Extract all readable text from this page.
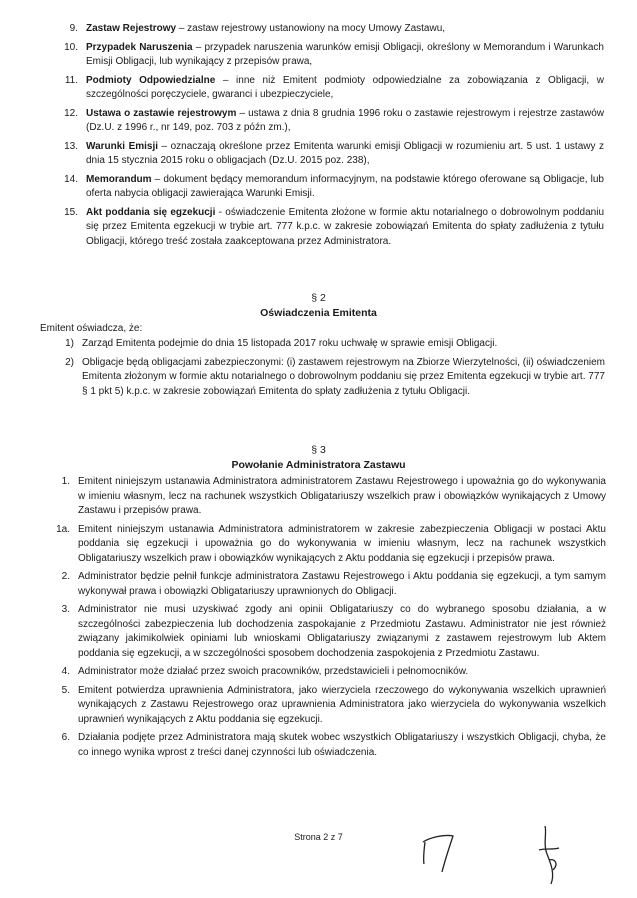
9. Zastaw Rejestrowy – zastaw rejestrowy ustanowiony na mocy Umowy Zastawu,
10. Przypadek Naruszenia – przypadek naruszenia warunków emisji Obligacji, określony w Memorandum i Warunkach Emisji Obligacji, lub wynikający z przepisów prawa,
11. Podmioty Odpowiedzialne – inne niż Emitent podmioty odpowiedzialne za zobowiązania z Obligacji, w szczególności poręczyciele, gwaranci i ubezpieczyciele,
12. Ustawa o zastawie rejestrowym – ustawa z dnia 8 grudnia 1996 roku o zastawie rejestrowym i rejestrze zastawów (Dz.U. z 1996 r., nr 149, poz. 703 z późn zm.),
13. Warunki Emisji – oznaczają określone przez Emitenta warunki emisji Obligacji w rozumieniu art. 5 ust. 1 ustawy z dnia 15 stycznia 2015 roku o obligacjach (Dz.U. 2015 poz. 238),
14. Memorandum – dokument będący memorandum informacyjnym, na podstawie którego oferowane są Obligacje, lub oferta nabycia obligacji zawierająca Warunki Emisji.
15. Akt poddania się egzekucji - oświadczenie Emitenta złożone w formie aktu notarialnego o dobrowolnym poddaniu się przez Emitenta egzekucji w trybie art. 777 k.p.c. w zakresie zobowiązań Emitenta do spłaty zadłużenia z tytułu Obligacji, którego treść została zaakceptowana przez Administratora.
§ 2
Oświadczenia Emitenta
Emitent oświadcza, że:
1) Zarząd Emitenta podejmie do dnia 15 listopada 2017 roku uchwałę w sprawie emisji Obligacji.
2) Obligacje będą obligacjami zabezpieczonymi: (i) zastawem rejestrowym na Zbiorze Wierzytelności, (ii) oświadczeniem Emitenta złożonym w formie aktu notarialnego o dobrowolnym poddaniu się przez Emitenta egzekucji w trybie art. 777 § 1 pkt 5) k.p.c. w zakresie zobowiązań Emitenta do spłaty zadłużenia z tytułu Obligacji.
§ 3
Powołanie Administratora Zastawu
1. Emitent niniejszym ustanawia Administratora administratorem Zastawu Rejestrowego i upoważnia go do wykonywania w imieniu własnym, lecz na rachunek wszystkich Obligatariuszy wszelkich praw i obowiązków wynikających z Umowy Zastawu i przepisów prawa.
1a. Emitent niniejszym ustanawia Administratora administratorem w zakresie zabezpieczenia Obligacji w postaci Aktu poddania się egzekucji i upoważnia go do wykonywania w imieniu własnym, lecz na rachunek wszystkich Obligatariuszy wszelkich praw i obowiązków wynikających z Aktu poddania się egzekucji i przepisów prawa.
2. Administrator będzie pełnił funkcje administratora Zastawu Rejestrowego i Aktu poddania się egzekucji, a tym samym wykonywał prawa i obowiązki Obligatariuszy uprawnionych do Obligacji.
3. Administrator nie musi uzyskiwać zgody ani opinii Obligatariuszy co do wybranego sposobu działania, a w szczególności zabezpieczenia lub dochodzenia zaspokajanie z Przedmiotu Zastawu. Administrator nie jest również związany jakimikolwiek opiniami lub wnioskami Obligatariuszy związanymi z zastawem rejestrowym lub Aktem poddania się egzekucji, a w szczególności sposobem dochodzenia zaspokojenia z Przedmiotu Zastawu.
4. Administrator może działać przez swoich pracowników, przedstawicieli i pełnomocników.
5. Emitent potwierdza uprawnienia Administratora, jako wierzyciela rzeczowego do wykonywania wszelkich uprawnień wynikających z Zastawu Rejestrowego oraz uprawnienia Administratora jako wierzyciela do wykonywania wszelkich uprawnień wynikających z Aktu poddania się egzekucji.
6. Działania podjęte przez Administratora mają skutek wobec wszystkich Obligatariuszy i wszystkich Obligacji, chyba, że co innego wynika wprost z treści danej czynności lub oświadczenia.
Strona 2 z 7
